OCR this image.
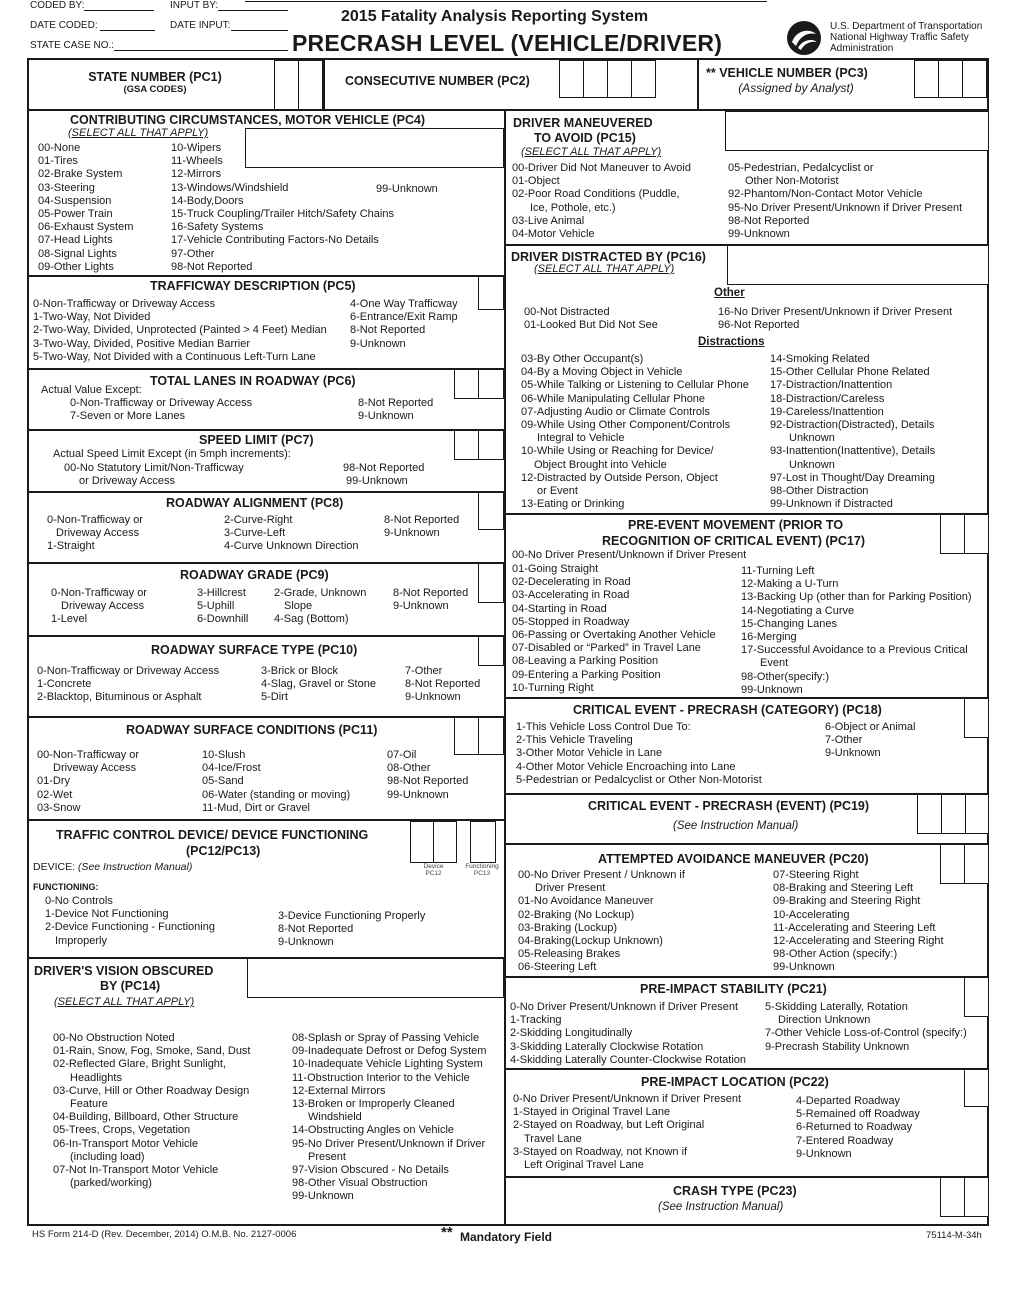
CODED BY:	INPUT BY:
DATE CODED:	DATE INPUT:
STATE CASE NO.:
2015 Fatality Analysis Reporting System
PRECRASH LEVEL (VEHICLE/DRIVER)
U.S. Department of Transportation
National Highway Traffic Safety
Administration
STATE NUMBER (PC1)
(GSA CODES)
CONSECUTIVE NUMBER (PC2)
** VEHICLE NUMBER (PC3)
(Assigned by Analyst)
CONTRIBUTING CIRCUMSTANCES, MOTOR VEHICLE (PC4)
(SELECT ALL THAT APPLY)
00-None
01-Tires
02-Brake System
03-Steering
04-Suspension
05-Power Train
06-Exhaust System
07-Head Lights
08-Signal Lights
09-Other Lights
10-Wipers
11-Wheels
12-Mirrors
13-Windows/Windshield
14-Body,Doors
15-Truck Coupling/Trailer Hitch/Safety Chains
16-Safety Systems
17-Vehicle Contributing Factors-No Details
97-Other
98-Not Reported
99-Unknown
TRAFFICWAY DESCRIPTION (PC5)
0-Non-Trafficway or Driveway Access
1-Two-Way, Not Divided
2-Two-Way, Divided, Unprotected (Painted > 4 Feet) Median
3-Two-Way, Divided, Positive Median Barrier
5-Two-Way, Not Divided with a Continuous Left-Turn Lane
4-One Way Trafficway
6-Entrance/Exit Ramp
8-Not Reported
9-Unknown
TOTAL LANES IN ROADWAY (PC6)
Actual Value Except:
0-Non-Trafficway or Driveway Access
7-Seven or More Lanes
8-Not Reported
9-Unknown
SPEED LIMIT (PC7)
Actual Speed Limit Except (in 5mph increments):
00-No Statutory Limit/Non-Trafficway
or Driveway Access
98-Not Reported
99-Unknown
ROADWAY ALIGNMENT (PC8)
0-Non-Trafficway or
Driveway Access
1-Straight
2-Curve-Right
3-Curve-Left
4-Curve Unknown Direction
8-Not Reported
9-Unknown
ROADWAY GRADE (PC9)
0-Non-Trafficway or
Driveway Access
1-Level
3-Hillcrest
5-Uphill
6-Downhill
2-Grade, Unknown
Slope
4-Sag (Bottom)
8-Not Reported
9-Unknown
ROADWAY SURFACE TYPE (PC10)
0-Non-Trafficway or Driveway Access
1-Concrete
2-Blacktop, Bituminous or Asphalt
3-Brick or Block
4-Slag, Gravel or Stone
5-Dirt
7-Other
8-Not Reported
9-Unknown
ROADWAY SURFACE CONDITIONS (PC11)
00-Non-Trafficway or
Driveway Access
01-Dry
02-Wet
03-Snow
10-Slush
04-Ice/Frost
05-Sand
06-Water (standing or moving)
11-Mud, Dirt or Gravel
07-Oil
08-Other
98-Not Reported
99-Unknown
TRAFFIC CONTROL DEVICE/ DEVICE FUNCTIONING
(PC12/PC13)
Device
PC12
Functioning
PC13
DEVICE: (See Instruction Manual)
FUNCTIONING:
0-No Controls
1-Device Not Functioning
2-Device Functioning - Functioning
Improperly
3-Device Functioning Properly
8-Not Reported
9-Unknown
DRIVER'S VISION OBSCURED
BY (PC14)
(SELECT ALL THAT APPLY)
00-No Obstruction Noted
01-Rain, Snow, Fog, Smoke, Sand, Dust
02-Reflected Glare, Bright Sunlight,
Headlights
03-Curve, Hill or Other Roadway Design
Feature
04-Building, Billboard, Other Structure
05-Trees, Crops, Vegetation
06-In-Transport Motor Vehicle
(including load)
07-Not In-Transport Motor Vehicle
(parked/working)
08-Splash or Spray of Passing Vehicle
09-Inadequate Defrost or Defog System
10-Inadequate Vehicle Lighting System
11-Obstruction Interior to the Vehicle
12-External Mirrors
13-Broken or Improperly Cleaned
Windshield
14-Obstructing Angles on Vehicle
95-No Driver Present/Unknown if Driver
Present
97-Vision Obscured - No Details
98-Other Visual Obstruction
99-Unknown
DRIVER MANEUVERED
TO AVOID (PC15)
(SELECT ALL THAT APPLY)
00-Driver Did Not Maneuver to Avoid
01-Object
02-Poor Road Conditions (Puddle,
Ice, Pothole, etc.)
03-Live Animal
04-Motor Vehicle
05-Pedestrian, Pedalcyclist or
Other Non-Motorist
92-Phantom/Non-Contact Motor Vehicle
95-No Driver Present/Unknown if Driver Present
98-Not Reported
99-Unknown
DRIVER DISTRACTED BY (PC16)
(SELECT ALL THAT APPLY)
Other
00-Not Distracted
01-Looked But Did Not See
16-No Driver Present/Unknown if Driver Present
96-Not Reported
Distractions
03-By Other Occupant(s)
04-By a Moving Object in Vehicle
05-While Talking or Listening to Cellular Phone
06-While Manipulating Cellular Phone
07-Adjusting Audio or Climate Controls
09-While Using Other Component/Controls
Integral to Vehicle
10-While Using or Reaching for Device/
Object Brought into Vehicle
12-Distracted by Outside Person, Object
or Event
13-Eating or Drinking
14-Smoking Related
15-Other Cellular Phone Related
17-Distraction/Inattention
18-Distraction/Careless
19-Careless/Inattention
92-Distraction(Distracted), Details
Unknown
93-Inattention(Inattentive), Details
Unknown
97-Lost in Thought/Day Dreaming
98-Other Distraction
99-Unknown if Distracted
PRE-EVENT MOVEMENT (PRIOR TO
RECOGNITION OF CRITICAL EVENT) (PC17)
00-No Driver Present/Unknown if Driver Present
01-Going Straight
02-Decelerating in Road
03-Accelerating in Road
04-Starting in Road
05-Stopped in Roadway
06-Passing or Overtaking Another Vehicle
07-Disabled or “Parked” in Travel Lane
08-Leaving a Parking Position
09-Entering a Parking Position
10-Turning Right
11-Turning Left
12-Making a U-Turn
13-Backing Up (other than for Parking Position)
14-Negotiating a Curve
15-Changing Lanes
16-Merging
17-Successful Avoidance to a Previous Critical
Event
98-Other(specify:)
99-Unknown
CRITICAL EVENT - PRECRASH (CATEGORY) (PC18)
1-This Vehicle Loss Control Due To:
2-This Vehicle Traveling
3-Other Motor Vehicle in Lane
4-Other Motor Vehicle Encroaching into Lane
5-Pedestrian or Pedalcyclist or Other Non-Motorist
6-Object or Animal
7-Other
9-Unknown
CRITICAL EVENT - PRECRASH (EVENT) (PC19)
(See Instruction Manual)
ATTEMPTED AVOIDANCE MANEUVER (PC20)
00-No Driver Present / Unknown if
Driver Present
01-No Avoidance Maneuver
02-Braking (No Lockup)
03-Braking (Lockup)
04-Braking(Lockup Unknown)
05-Releasing Brakes
06-Steering Left
07-Steering Right
08-Braking and Steering Left
09-Braking and Steering Right
10-Accelerating
11-Accelerating and Steering Left
12-Accelerating and Steering Right
98-Other Action (specify:)
99-Unknown
PRE-IMPACT STABILITY (PC21)
0-No Driver Present/Unknown if Driver Present
1-Tracking
2-Skidding Longitudinally
3-Skidding Laterally Clockwise Rotation
4-Skidding Laterally Counter-Clockwise Rotation
5-Skidding Laterally, Rotation
Direction Unknown
7-Other Vehicle Loss-of-Control (specify:)
9-Precrash Stability Unknown
PRE-IMPACT LOCATION (PC22)
0-No Driver Present/Unknown if Driver Present
1-Stayed in Original Travel Lane
2-Stayed on Roadway, but Left Original
Travel Lane
3-Stayed on Roadway, not Known if
Left Original Travel Lane
4-Departed Roadway
5-Remained off Roadway
6-Returned to Roadway
7-Entered Roadway
9-Unknown
CRASH TYPE (PC23)
(See Instruction Manual)
HS Form 214-D (Rev. December, 2014) O.M.B. No. 2127-0006	** Mandatory Field	75114-M-34h
